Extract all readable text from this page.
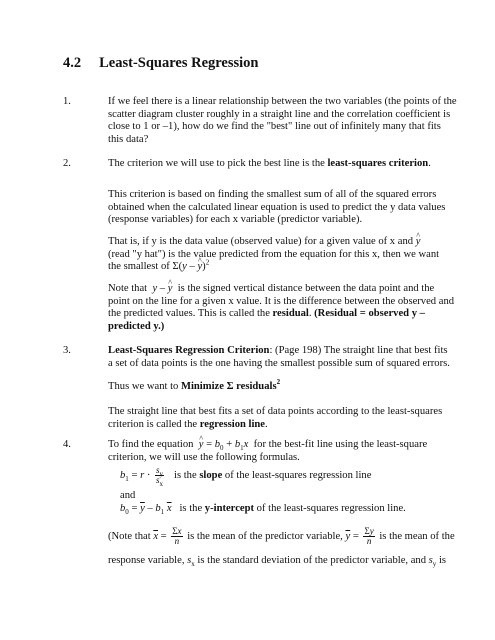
4.2 Least-Squares Regression
1.	If we feel there is a linear relationship between the two variables (the points of the
scatter diagram cluster roughly in a straight line and the correlation coefficient is
close to 1 or –1), how do we find the "best" line out of infinitely many that fits
this data?
2.	The criterion we will use to pick the best line is the least-squares criterion.
This criterion is based on finding the smallest sum of all of the squared errors
obtained when the calculated linear equation is used to predict the y data values
(response variables) for each x variable (predictor variable).
That is, if y is the data value (observed value) for a given value of x and y ^
(read "y hat") is the value predicted from the equation for this x, then we want
the smallest of Σ(y – y ^)$^2$
Note that y – y ^ is the signed vertical distance between the data point and the
point on the line for a given x value. It is the difference between the observed and
the predicted values. This is called the residual. (Residual = observed y –
predicted y.)
3.	Least-Squares Regression Criterion: (Page 198) The straight line that best fits
a set of data points is the one having the smallest possible sum of squared errors.
Thus we want to Minimize Σ residuals$^2$
The straight line that best fits a set of data points according to the least-squares
criterion is called the regression line.
4.	To find the equation y ^ = $b_0 + b_1x$ for the best-fit line using the least-square
criterion, we will use the following formulas.
$b_1 = r \cdot \frac{s_y}{s_x}$ is the slope of the least-squares regression line
and
$b_0 = \overline{y} - b_1$ $\overline{x}$ is the y-intercept of the least-squares regression line.
(Note that $\overline{x} = \frac{\Sigma x}{n}$ is the mean of the predictor variable, $\overline{y} = \frac{\Sigma y}{n}$ is the mean of the
response variable, $s_x$ is the standard deviation of the predictor variable, and $s_y$ is
